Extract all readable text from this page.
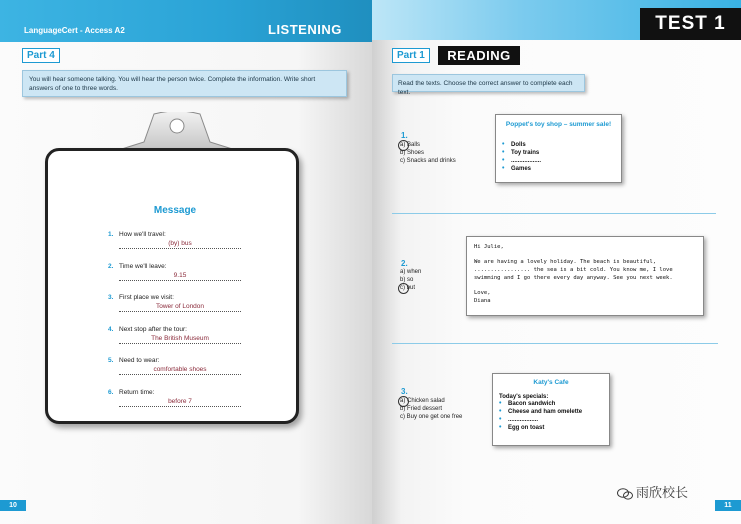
LanguageCert - Access A2	LISTENING
Part 4
You will hear someone talking. You will hear the person twice. Complete the information. Write short answers of one to three words.
Message
1. How we'll travel:
(by) bus
2. Time we'll leave:
9.15
3. First place we visit:
Tower of London
4. Next stop after the tour:
The British Museum
5. Need to wear:
comfortable shoes
6. Return time:
before 7
10
TEST 1
11
Part 1	READING
Read the texts. Choose the correct answer to complete each text.
1.
a) Balls
b) Shoes
c) Snacks and drinks
Poppet's toy shop – summer sale!
• Dolls
• Toy trains
• ..................
• Games
2.
a) when
b) so
c) but
Hi Julie,
We are having a lovely holiday. The beach is beautiful, ................. the sea is a bit cold. You know me, I love swimming and I go there every day anyway. See you next week.
Love,
Diana
3.
a) Chicken salad
b) Fried dessert
c) Buy one get one free
Katy's Cafe
Today's specials:
• Bacon sandwich
• Cheese and ham omelette
• ..................
• Egg on toast
雨欣校长
